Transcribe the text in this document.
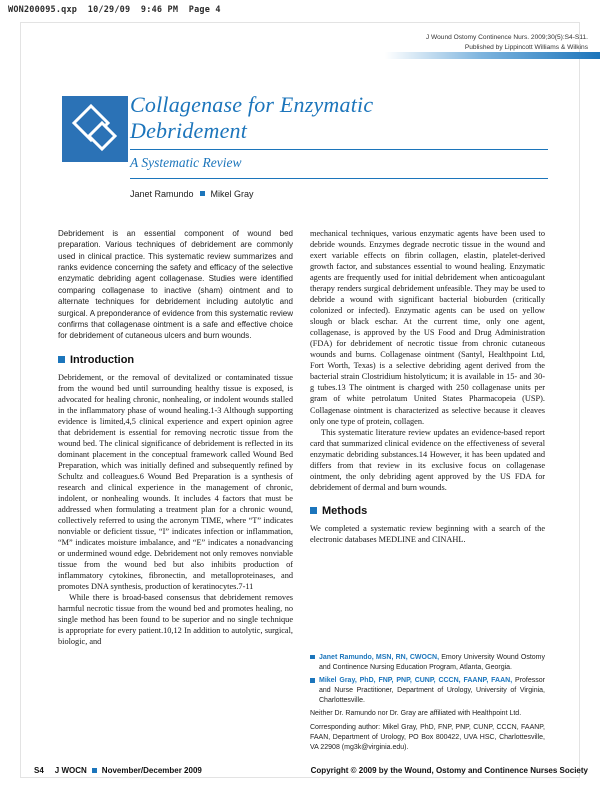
WON200095.qxp  10/29/09  9:46 PM  Page 4
J Wound Ostomy Continence Nurs. 2009;30(5):S4-S11.
Published by Lippincott Williams & Wilkins
Collagenase for Enzymatic
Debridement
A Systematic Review
Janet Ramundo Mikel Gray

Debridement is an essential component of wound bed preparation. Various techniques of debridement are commonly used in clinical practice. This systematic review summarizes and ranks evidence concerning the safety and efficacy of the selective enzymatic debriding agent collagenase. Studies were identified comparing collagenase to inactive (sham) ointment and to alternate techniques for debridement including autolytic and surgical. A preponderance of evidence from this systematic review confirms that collagenase ointment is a safe and effective choice for debridement of cutaneous ulcers and burn wounds.

Introduction

Debridement, or the removal of devitalized or contaminated tissue from the wound bed until surrounding healthy tissue is exposed, is advocated for healing chronic, nonhealing, or indolent wounds stalled in the inflammatory phase of wound healing.1-3 Although supporting evidence is limited,4,5 clinical experience and expert opinion agree that debridement is essential for removing necrotic tissue from the wound bed. The clinical significance of debridement is reflected in its dominant placement in the conceptual framework called Wound Bed Preparation, which was initially defined and subsequently refined by Schultz and colleagues.6 Wound Bed Preparation is a synthesis of research and clinical experience in the management of chronic, indolent, or nonhealing wounds. It includes 4 factors that must be addressed when formulating a treatment plan for a chronic wound, collectively referred to using the acronym TIME, where “T” indicates nonviable or deficient tissue, “I” indicates infection or inflammation, “M” indicates moisture imbalance, and “E” indicates a nonadvancing or undermined wound edge. Debridement not only removes nonviable tissue from the wound bed but also inhibits production of inflammatory cytokines, fibronectin, and metalloproteinases, and promotes DNA synthesis, production of keratinocytes.7-11

While there is broad-based consensus that debridement removes harmful necrotic tissue from the wound bed and promotes healing, no single method has been found to be superior and no single technique is appropriate for every patient.10,12 In addition to autolytic, surgical, biologic, and

mechanical techniques, various enzymatic agents have been used to debride wounds. Enzymes degrade necrotic tissue in the wound and exert variable effects on fibrin collagen, elastin, platelet-derived growth factor, and substances essential to wound healing. Enzymatic agents are frequently used for initial debridement when anticoagulant therapy renders surgical debridement unfeasible. They may be used to debride a wound with significant bacterial bioburden (critically colonized or infected). Enzymatic agents can be used on yellow slough or black eschar. At the current time, only one agent, collagenase, is approved by the US Food and Drug Administration (FDA) for debridement of necrotic tissue from chronic cutaneous wounds and burns. Collagenase ointment (Santyl, Healthpoint Ltd, Fort Worth, Texas) is a selective debriding agent derived from the bacterial strain Clostridium histolyticum; it is available in 15- and 30-g tubes.13 The ointment is charged with 250 collagenase units per gram of white petrolatum United States Pharmacopeia (USP). Collagenase ointment is characterized as selective because it cleaves only one type of protein, collagen.

This systematic literature review updates an evidence-based report card that summarized clinical evidence on the effectiveness of several enzymatic debriding substances.14 However, it has been updated and differs from that review in its exclusive focus on collagenase ointment, the only debriding agent approved by the US FDA for debridement of dermal and burn wounds.

Methods

We completed a systematic review beginning with a search of the electronic databases MEDLINE and CINAHL.

Janet Ramundo, MSN, RN, CWOCN, Emory University Wound Ostomy and Continence Nursing Education Program, Atlanta, Georgia.
Mikel Gray, PhD, FNP, PNP, CUNP, CCCN, FAANP, FAAN, Professor and Nurse Practitioner, Department of Urology, University of Virginia, Charlottesville.
Neither Dr. Ramundo nor Dr. Gray are affiliated with Healthpoint Ltd.
Corresponding author: Mikel Gray, PhD, FNP, PNP, CUNP, CCCN, FAANP, FAAN, Department of Urology, PO Box 800422, UVA HSC, Charlottesville, VA 22908 (mg3k@virginia.edu).
S4 J WOCN November/December 2009	Copyright © 2009 by the Wound, Ostomy and Continence Nurses Society
